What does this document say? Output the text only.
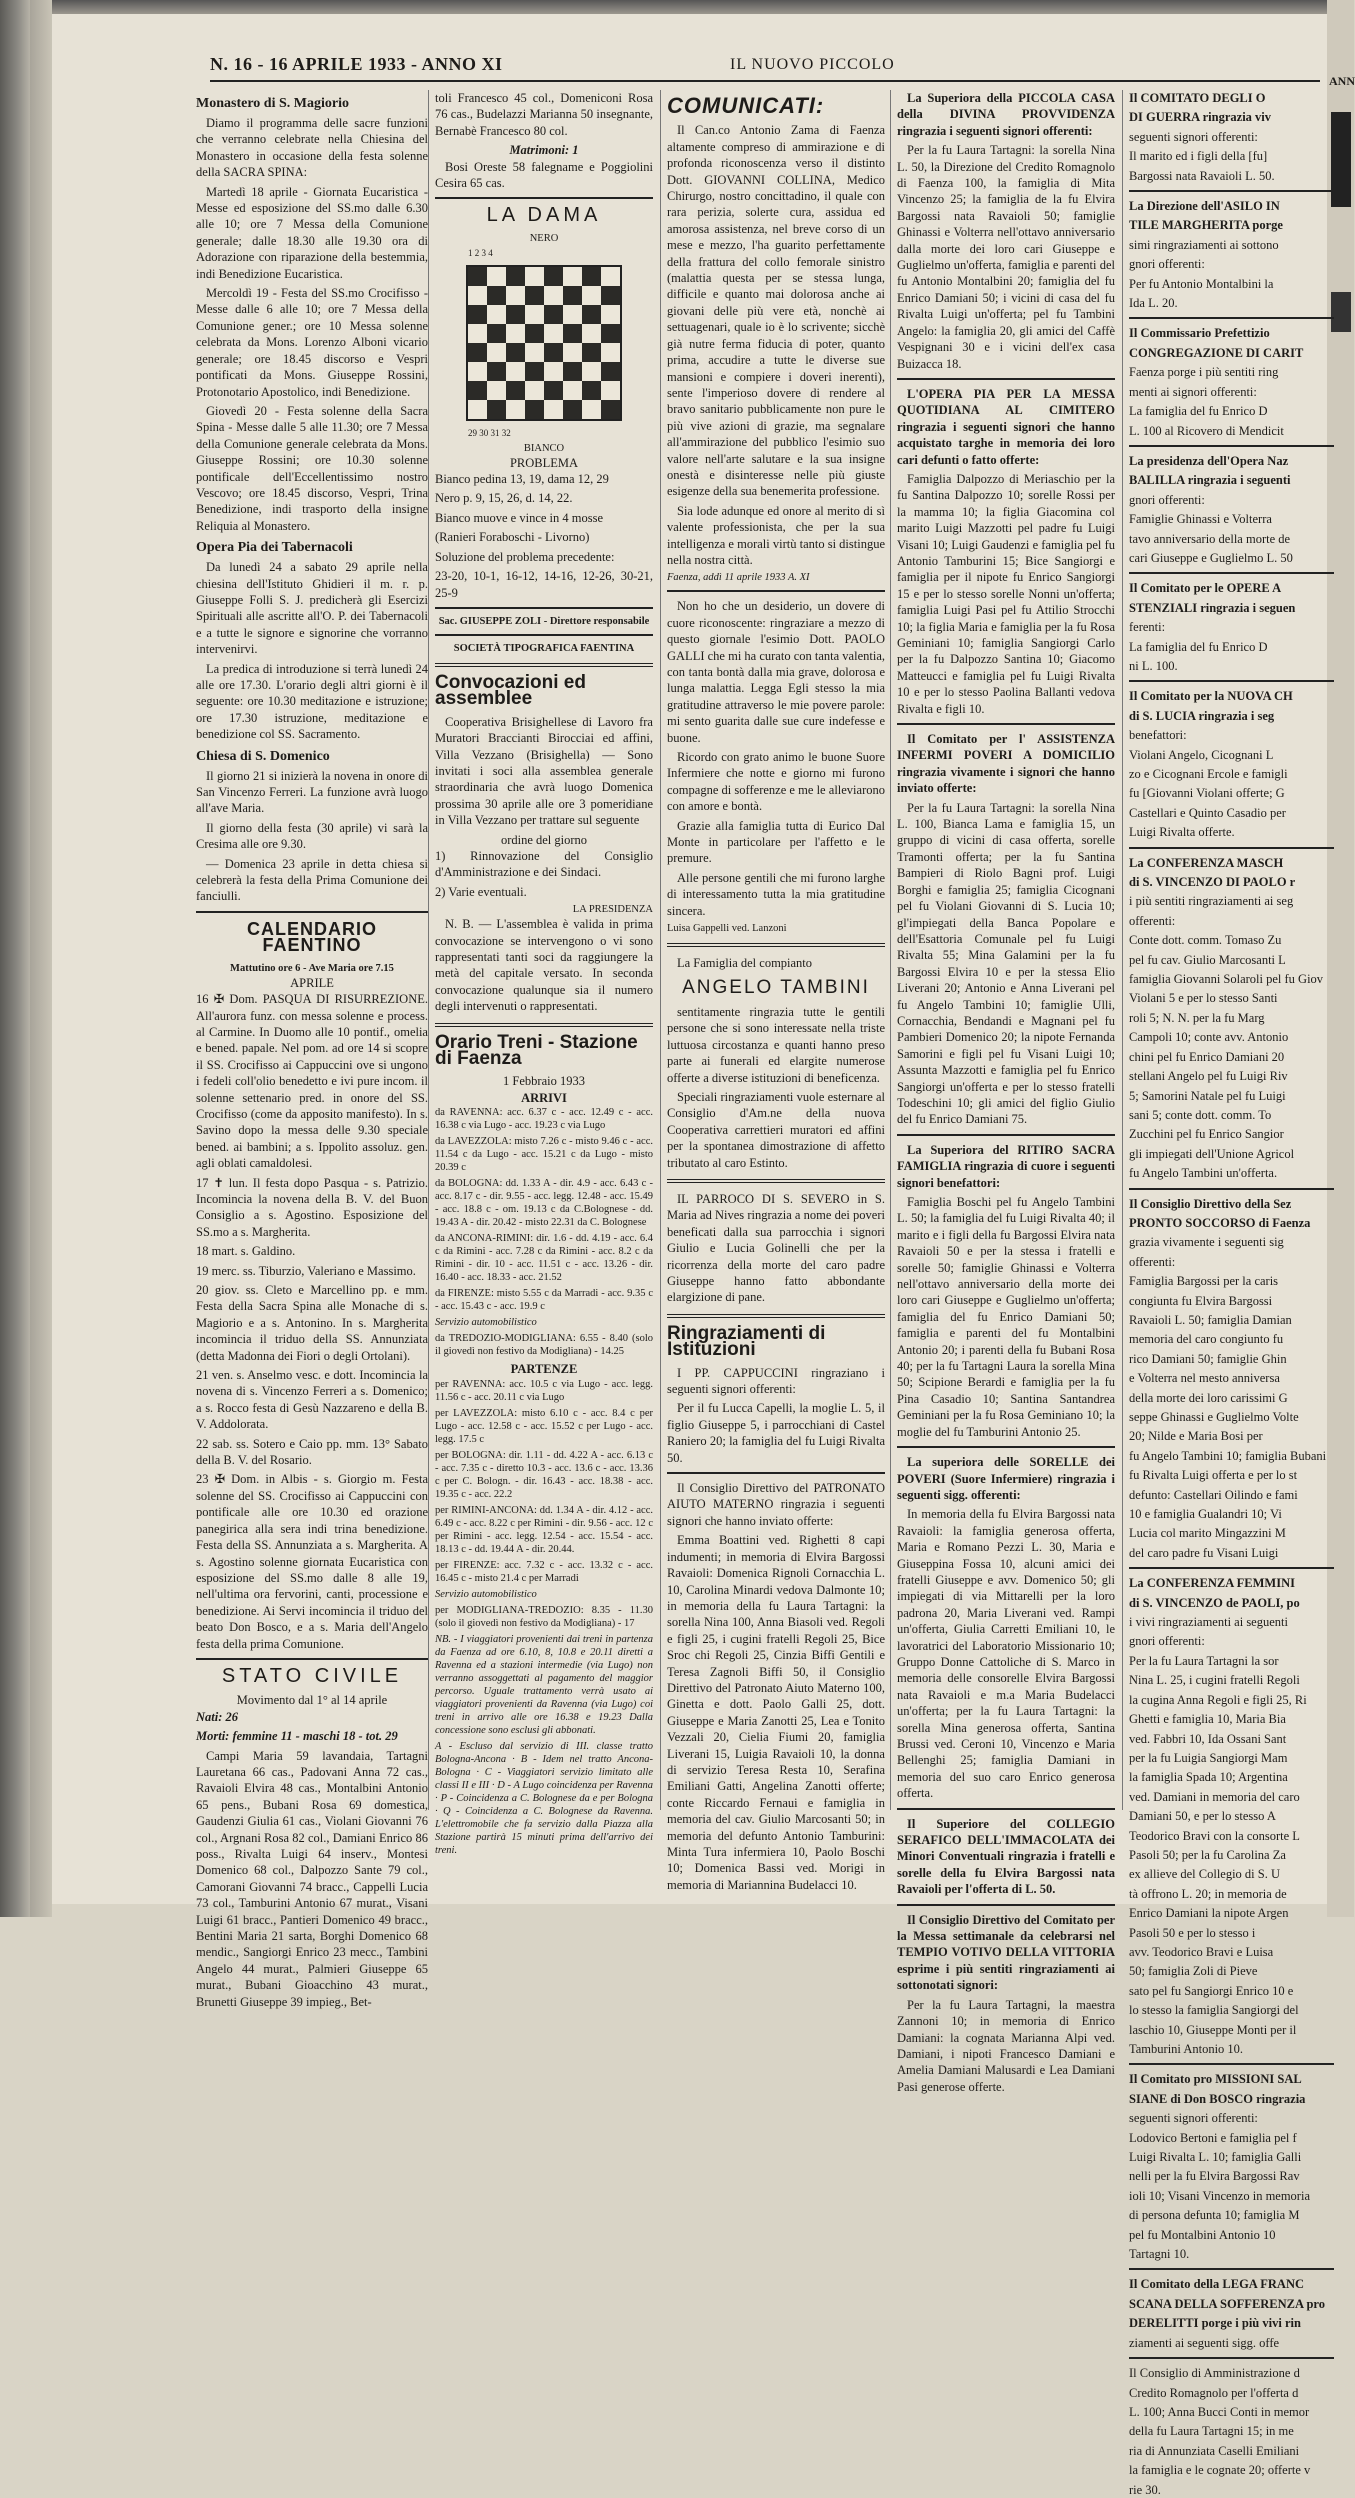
ANN
N. 16 - 16 APRILE 1933 - ANNO XI	IL NUOVO PICCOLO
Monastero di S. Magiorio

Diamo il programma delle sacre funzioni che verranno celebrate nella Chiesina del Monastero in occasione della festa solenne della SACRA SPINA:

Martedì 18 aprile - Giornata Eucaristica - Messe ed esposizione del SS.mo dalle 6.30 alle 10; ore 7 Messa della Comunione generale; dalle 18.30 alle 19.30 ora di Adorazione con riparazione della bestemmia, indi Benedizione Eucaristica.

Mercoldì 19 - Festa del SS.mo Crocifisso - Messe dalle 6 alle 10; ore 7 Messa della Comunione gener.; ore 10 Messa solenne celebrata da Mons. Lorenzo Alboni vicario generale; ore 18.45 discorso e Vespri pontificati da Mons. Giuseppe Rossini, Protonotario Apostolico, indi Benedizione.

Giovedì 20 - Festa solenne della Sacra Spina - Messe dalle 5 alle 11.30; ore 7 Messa della Comunione generale celebrata da Mons. Giuseppe Rossini; ore 10.30 solenne pontificale dell'Eccellentissimo nostro Vescovo; ore 18.45 discorso, Vespri, Trina Benedizione, indi trasporto della insigne Reliquia al Monastero.

Opera Pia dei Tabernacoli

Da lunedì 24 a sabato 29 aprile nella chiesina dell'Istituto Ghidieri il m. r. p. Giuseppe Folli S. J. predicherà gli Esercizi Spirituali alle ascritte all'O. P. dei Tabernacoli e a tutte le signore e signorine che vorranno intervenirvi.

La predica di introduzione si terrà lunedì 24 alle ore 17.30. L'orario degli altri giorni è il seguente: ore 10.30 meditazione e istruzione; ore 17.30 istruzione, meditazione e benedizione col SS. Sacramento.

Chiesa di S. Domenico

Il giorno 21 si inizierà la novena in onore di San Vincenzo Ferreri. La funzione avrà luogo all'ave Maria.

Il giorno della festa (30 aprile) vi sarà la Cresima alle ore 9.30.

— Domenica 23 aprile in detta chiesa si celebrerà la festa della Prima Comunione dei fanciulli.

CALENDARIO FAENTINO
Mattutino ore 6 - Ave Maria ore 7.15
APRILE

16 ✠ Dom. PASQUA DI RISURREZIONE. All'aurora funz. con messa solenne e process. al Carmine. In Duomo alle 10 pontif., omelia e bened. papale. Nel pom. ad ore 14 si scopre il SS. Crocifisso ai Cappuccini ove si ungono i fedeli coll'olio benedetto e ivi pure incom. il solenne settenario pred. in onore del SS. Crocifisso (come da apposito manifesto). In s. Savino dopo la messa delle 9.30 speciale bened. ai bambini; a s. Ippolito assoluz. gen. agli oblati camaldolesi.

17 ✝ lun. Il festa dopo Pasqua - s. Patrizio. Incomincia la novena della B. V. del Buon Consiglio a s. Agostino. Esposizione del SS.mo a s. Margherita.

18 mart. s. Galdino.

19 merc. ss. Tiburzio, Valeriano e Massimo.

20 giov. ss. Cleto e Marcellino pp. e mm. Festa della Sacra Spina alle Monache di s. Magiorio e a s. Antonino. In s. Margherita incomincia il triduo della SS. Annunziata (detta Madonna dei Fiori o degli Ortolani).

21 ven. s. Anselmo vesc. e dott. Incomincia la novena di s. Vincenzo Ferreri a s. Domenico; a s. Rocco festa di Gesù Nazzareno e della B. V. Addolorata.

22 sab. ss. Sotero e Caio pp. mm. 13° Sabato della B. V. del Rosario.

23 ✠ Dom. in Albis - s. Giorgio m. Festa solenne del SS. Crocifisso ai Cappuccini con pontificale alle ore 10.30 ed orazione panegirica alla sera indi trina benedizione. Festa della SS. Annunziata a s. Margherita. A s. Agostino solenne giornata Eucaristica con esposizione del SS.mo dalle 8 alle 19, nell'ultima ora fervorini, canti, processione e benedizione. Ai Servi incomincia il triduo del beato Don Bosco, e a s. Maria dell'Angelo festa della prima Comunione.

STATO CIVILE
Movimento dal 1° al 14 aprile

Nati: 26

Morti: femmine 11 - maschi 18 - tot. 29

Campi Maria 59 lavandaia, Tartagni Lauretana 66 cas., Padovani Anna 72 cas., Ravaioli Elvira 48 cas., Montalbini Antonio 65 pens., Bubani Rosa 69 domestica, Gaudenzi Giulia 61 cas., Violani Giovanni 76 col., Argnani Rosa 82 col., Damiani Enrico 86 poss., Rivalta Luigi 64 inserv., Montesi Domenico 68 col., Dalpozzo Sante 79 col., Camorani Giovanni 74 bracc., Cappelli Lucia 73 col., Tamburini Antonio 67 murat., Visani Luigi 61 bracc., Pantieri Domenico 49 bracc., Bentini Maria 21 sarta, Borghi Domenico 68 mendic., Sangiorgi Enrico 23 mecc., Tambini Angelo 44 murat., Palmieri Giuseppe 65 murat., Bubani Gioacchino 43 murat., Brunetti Giuseppe 39 impieg., Bet-

toli Francesco 45 col., Domeniconi Rosa 76 cas., Budelazzi Marianna 50 insegnante, Bernabè Francesco 80 col.

Matrimoni: 1

Bosi Oreste 58 falegname e Poggiolini Cesira 65 cas.

LA DAMA
NERO
1 2 3 4
29 30 31 32
BIANCO
PROBLEMA

Bianco pedina 13, 19, dama 12, 29

Nero p. 9, 15, 26, d. 14, 22.

Bianco muove e vince in 4 mosse

(Ranieri Foraboschi - Livorno)

Soluzione del problema precedente:

23-20, 10-1, 16-12, 14-16, 12-26, 30-21, 25-9

Sac. GIUSEPPE ZOLI - Direttore responsabile
SOCIETÀ TIPOGRAFICA FAENTINA
Convocazioni ed assemblee

Cooperativa Brisighellese di Lavoro fra Muratori Braccianti Birocciai ed affini, Villa Vezzano (Brisighella) — Sono invitati i soci alla assemblea generale straordinaria che avrà luogo Domenica prossima 30 aprile alle ore 3 pomeridiane in Villa Vezzano per trattare sul seguente

ordine del giorno

1) Rinnovazione del Consiglio d'Amministrazione e dei Sindaci.

2) Varie eventuali.

LA PRESIDENZA

N. B. — L'assemblea è valida in prima convocazione se intervengono o vi sono rappresentati tanti soci da raggiungere la metà del capitale versato. In seconda convocazione qualunque sia il numero degli intervenuti o rappresentati.

Orario Treni - Stazione di Faenza
1 Febbraio 1933
ARRIVI

da RAVENNA: acc. 6.37 c - acc. 12.49 c - acc. 16.38 c via Lugo - acc. 19.23 c via Lugo

da LAVEZZOLA: misto 7.26 c - misto 9.46 c - acc. 11.54 c da Lugo - acc. 15.21 c da Lugo - misto 20.39 c

da BOLOGNA: dd. 1.33 A - dir. 4.9 - acc. 6.43 c - acc. 8.17 c - dir. 9.55 - acc. legg. 12.48 - acc. 15.49 - acc. 18.8 c - om. 19.13 c da C.Bolognese - dd. 19.43 A - dir. 20.42 - misto 22.31 da C. Bolognese

da ANCONA-RIMINI: dir. 1.6 - dd. 4.19 - acc. 6.4 c da Rimini - acc. 7.28 c da Rimini - acc. 8.2 c da Rimini - dir. 10 - acc. 11.51 c - acc. 13.26 - dir. 16.40 - acc. 18.33 - acc. 21.52

da FIRENZE: misto 5.55 c da Marradi - acc. 9.35 c - acc. 15.43 c - acc. 19.9 c

Servizio automobilistico

da TREDOZIO-MODIGLIANA: 6.55 - 8.40 (solo il giovedì non festivo da Modigliana) - 14.25

PARTENZE

per RAVENNA: acc. 10.5 c via Lugo - acc. legg. 11.56 c - acc. 20.11 c via Lugo

per LAVEZZOLA: misto 6.10 c - acc. 8.4 c per Lugo - acc. 12.58 c - acc. 15.52 c per Lugo - acc. legg. 17.5 c

per BOLOGNA: dir. 1.11 - dd. 4.22 A - acc. 6.13 c - acc. 7.35 c - diretto 10.3 - acc. 13.6 c - acc. 13.36 c per C. Bologn. - dir. 16.43 - acc. 18.38 - acc. 19.35 c - acc. 22.2

per RIMINI-ANCONA: dd. 1.34 A - dir. 4.12 - acc. 6.49 c - acc. 8.22 c per Rimini - dir. 9.56 - acc. 12 c per Rimini - acc. legg. 12.54 - acc. 15.54 - acc. 18.13 c - dd. 19.44 A - dir. 20.44.

per FIRENZE: acc. 7.32 c - acc. 13.32 c - acc. 16.45 c - misto 21.4 c per Marradi

Servizio automobilistico

per MODIGLIANA-TREDOZIO: 8.35 - 11.30 (solo il giovedì non festivo da Modigliana) - 17

NB. - I viaggiatori provenienti dai treni in partenza da Faenza ad ore 6.10, 8, 10.8 e 20.11 diretti a Ravenna ed a stazioni intermedie (via Lugo) non verranno assoggettati al pagamento del maggior percorso. Uguale trattamento verrà usato ai viaggiatori provenienti da Ravenna (via Lugo) coi treni in arrivo alle ore 16.38 e 19.23 Dalla concessione sono esclusi gli abbonati.

A - Escluso dal servizio di III. classe tratto Bologna-Ancona · B - Idem nel tratto Ancona-Bologna · C - Viaggiatori servizio limitato alle classi II e III · D - A Lugo coincidenza per Ravenna · P - Coincidenza a C. Bolognese da e per Bologna · Q - Coincidenza a C. Bolognese da Ravenna. L'elettromobile che fa servizio dalla Piazza alla Stazione partirà 15 minuti prima dell'arrivo dei treni.

COMUNICATI:

Il Can.co Antonio Zama di Faenza altamente compreso di ammirazione e di profonda riconoscenza verso il distinto Dott. GIOVANNI COLLINA, Medico Chirurgo, nostro concittadino, il quale con rara perizia, solerte cura, assidua ed amorosa assistenza, nel breve corso di un mese e mezzo, l'ha guarito perfettamente della frattura del collo femorale sinistro (malattia questa per se stessa lunga, difficile e quanto mai dolorosa anche ai giovani delle più vere età, nonchè ai settuagenari, quale io è lo scrivente; sicchè già nutre ferma fiducia di poter, quanto prima, accudire a tutte le diverse sue mansioni e compiere i doveri inerenti), sente l'imperioso dovere di rendere al bravo sanitario pubblicamente non pure le più vive azioni di grazie, ma segnalare all'ammirazione del pubblico l'esimio suo valore nell'arte salutare e la sua insigne onestà e disinteresse nelle più giuste esigenze della sua benemerita professione.

Sia lode adunque ed onore al merito di sì valente professionista, che per la sua intelligenza e morali virtù tanto si distingue nella nostra città.

Faenza, addì 11 aprile 1933 A. XI

Non ho che un desiderio, un dovere di cuore riconoscente: ringraziare a mezzo di questo giornale l'esimio Dott. PAOLO GALLI che mi ha curato con tanta valentia, con tanta bontà dalla mia grave, dolorosa e lunga malattia. Legga Egli stesso la mia gratitudine attraverso le mie povere parole: mi sento guarita dalle sue cure indefesse e buone.

Ricordo con grato animo le buone Suore Infermiere che notte e giorno mi furono compagne di sofferenze e me le alleviarono con amore e bontà.

Grazie alla famiglia tutta di Eurico Dal Monte in particolare per l'affetto e le premure.

Alle persone gentili che mi furono larghe di interessamento tutta la mia gratitudine sincera.

Luisa Gappelli ved. Lanzoni

La Famiglia del compianto

ANGELO TAMBINI

sentitamente ringrazia tutte le gentili persone che si sono interessate nella triste luttuosa circostanza e quanti hanno preso parte ai funerali ed elargite numerose offerte a diverse istituzioni di beneficenza.

Speciali ringraziamenti vuole esternare al Consiglio d'Am.ne della nuova Cooperativa carrettieri muratori ed affini per la spontanea dimostrazione di affetto tributato al caro Estinto.

IL PARROCO DI S. SEVERO in S. Maria ad Nives ringrazia a nome dei poveri beneficati dalla sua parrocchia i signori Giulio e Lucia Golinelli che per la ricorrenza della morte del caro padre Giuseppe hanno fatto abbondante elargizione di pane.

Ringraziamenti di Istituzioni

I PP. CAPPUCCINI ringraziano i seguenti signori offerenti:

Per il fu Lucca Capelli, la moglie L. 5, il figlio Giuseppe 5, i parrocchiani di Castel Raniero 20; la famiglia del fu Luigi Rivalta 50.

Il Consiglio Direttivo del PATRONATO AIUTO MATERNO ringrazia i seguenti signori che hanno inviato offerte:

Emma Boattini ved. Righetti 8 capi indumenti; in memoria di Elvira Bargossi Ravaioli: Domenica Rignoli Cornacchia L. 10, Carolina Minardi vedova Dalmonte 10; in memoria della fu Laura Tartagni: la sorella Nina 100, Anna Biasoli ved. Regoli e figli 25, i cugini fratelli Regoli 25, Bice Sroc chi Regoli 25, Cinzia Biffi Gentili e Teresa Zagnoli Biffi 50, il Consiglio Direttivo del Patronato Aiuto Materno 100, Ginetta e dott. Paolo Galli 25, dott. Giuseppe e Maria Zanotti 25, Lea e Tonito Vezzali 20, Cielia Fiumi 20, famiglia Liverani 15, Luigia Ravaioli 10, la donna di servizio Teresa Resta 10, Serafina Emiliani Gatti, Angelina Zanotti offerte; conte Riccardo Fernaui e famiglia in memoria del cav. Giulio Marcosanti 50; in memoria del defunto Antonio Tamburini: Minta Tura infermiera 10, Paolo Boschi 10; Domenica Bassi ved. Morigi in memoria di Mariannina Budelacci 10.

La Superiora della PICCOLA CASA della DIVINA PROVVIDENZA ringrazia i seguenti signori offerenti:

Per la fu Laura Tartagni: la sorella Nina L. 50, la Direzione del Credito Romagnolo di Faenza 100, la famiglia di Mita Vincenzo 25; la famiglia de la fu Elvira Bargossi nata Ravaioli 50; famiglie Ghinassi e Volterra nell'ottavo anniversario dalla morte dei loro cari Giuseppe e Guglielmo un'offerta, famiglia e parenti del fu Antonio Montalbini 20; famiglia del fu Enrico Damiani 50; i vicini di casa del fu Rivalta Luigi un'offerta; pel fu Tambini Angelo: la famiglia 20, gli amici del Caffè Vespignani 30 e i vicini dell'ex casa Buizacca 18.

L'OPERA PIA PER LA MESSA QUOTIDIANA AL CIMITERO ringrazia i seguenti signori che hanno acquistato targhe in memoria dei loro cari defunti o fatto offerte:

Famiglia Dalpozzo di Meriaschio per la fu Santina Dalpozzo 10; sorelle Rossi per la mamma 10; la figlia Giacomina col marito Luigi Mazzotti pel padre fu Luigi Visani 10; Luigi Gaudenzi e famiglia pel fu Antonio Tamburini 15; Bice Sangiorgi e famiglia per il nipote fu Enrico Sangiorgi 15 e per lo stesso sorelle Nonni un'offerta; famiglia Luigi Pasi pel fu Attilio Strocchi 10; la figlia Maria e famiglia per la fu Rosa Geminiani 10; famiglia Sangiorgi Carlo per la fu Dalpozzo Santina 10; Giacomo Matteucci e famiglia pel fu Luigi Rivalta 10 e per lo stesso Paolina Ballanti vedova Rivalta e figli 10.

Il Comitato per l' ASSISTENZA INFERMI POVERI A DOMICILIO ringrazia vivamente i signori che hanno inviato offerte:

Per la fu Laura Tartagni: la sorella Nina L. 100, Bianca Lama e famiglia 15, un gruppo di vicini di casa offerta, sorelle Tramonti offerta; per la fu Santina Bampieri di Riolo Bagni prof. Luigi Borghi e famiglia 25; famiglia Cicognani pel fu Violani Giovanni di S. Lucia 10; gl'impiegati della Banca Popolare e dell'Esattoria Comunale pel fu Luigi Rivalta 55; Mina Galamini per la fu Bargossi Elvira 10 e per la stessa Elio Liverani 20; Antonio e Anna Liverani pel fu Angelo Tambini 10; famiglie Ulli, Cornacchia, Bendandi e Magnani pel fu Pambieri Domenico 20; la nipote Fernanda Samorini e figli pel fu Visani Luigi 10; Assunta Mazzotti e famiglia pel fu Enrico Sangiorgi un'offerta e per lo stesso fratelli Todeschini 10; gli amici del figlio Giulio del fu Enrico Damiani 75.

La Superiora del RITIRO SACRA FAMIGLIA ringrazia di cuore i seguenti signori benefattori:

Famiglia Boschi pel fu Angelo Tambini L. 50; la famiglia del fu Luigi Rivalta 40; il marito e i figli della fu Bargossi Elvira nata Ravaioli 50 e per la stessa i fratelli e sorelle 50; famiglie Ghinassi e Volterra nell'ottavo anniversario della morte dei loro cari Giuseppe e Guglielmo un'offerta; famiglia del fu Enrico Damiani 50; famiglia e parenti del fu Montalbini Antonio 20; i parenti della fu Bubani Rosa 40; per la fu Tartagni Laura la sorella Mina 50; Scipione Berardi e famiglia per la fu Pina Casadio 10; Santina Santandrea Geminiani per la fu Rosa Geminiano 10; la moglie del fu Tamburini Antonio 25.

La superiora delle SORELLE dei POVERI (Suore Infermiere) ringrazia i seguenti sigg. offerenti:

In memoria della fu Elvira Bargossi nata Ravaioli: la famiglia generosa offerta, Maria e Romano Pezzi L. 30, Maria e Giuseppina Fossa 10, alcuni amici dei fratelli Giuseppe e avv. Domenico 50; gli impiegati di via Mittarelli per la loro padrona 20, Maria Liverani ved. Rampi un'offerta, Giulia Carretti Emiliani 10, le lavoratrici del Laboratorio Missionario 10; Gruppo Donne Cattoliche di S. Marco in memoria delle consorelle Elvira Bargossi nata Ravaioli e m.a Maria Budelacci un'offerta; per la fu Laura Tartagni: la sorella Mina generosa offerta, Santina Brussi ved. Ceroni 10, Vincenzo e Maria Bellenghi 25; famiglia Damiani in memoria del suo caro Enrico generosa offerta.

Il Superiore del COLLEGIO SERAFICO DELL'IMMACOLATA dei Minori Conventuali ringrazia i fratelli e sorelle della fu Elvira Bargossi nata Ravaioli per l'offerta di L. 50.

Il Consiglio Direttivo del Comitato per la Messa settimanale da celebrarsi nel TEMPIO VOTIVO DELLA VITTORIA esprime i più sentiti ringraziamenti ai sottonotati signori:

Per la fu Laura Tartagni, la maestra Zannoni 10; in memoria di Enrico Damiani: la cognata Marianna Alpi ved. Damiani, i nipoti Francesco Damiani e Amelia Damiani Malusardi e Lea Damiani Pasi generose offerte.

Il COMITATO DEGLI O

DI GUERRA ringrazia viv

seguenti signori offerenti:

Il marito ed i figli della [fu]

Bargossi nata Ravaioli L. 50.

La Direzione dell'ASILO IN

TILE MARGHERITA porge

simi ringraziamenti ai sottono

gnori offerenti:

Per fu Antonio Montalbini la

Ida L. 20.

Il Commissario Prefettizio

CONGREGAZIONE DI CARIT

Faenza porge i più sentiti ring

menti ai signori offerenti:

La famiglia del fu Enrico D

L. 100 al Ricovero di Mendicit

La presidenza dell'Opera Naz

BALILLA ringrazia i seguenti

gnori offerenti:

Famiglie Ghinassi e Volterra

tavo anniversario della morte de

cari Giuseppe e Guglielmo L. 50

Il Comitato per le OPERE A

STENZIALI ringrazia i seguen

ferenti:

La famiglia del fu Enrico D

ni L. 100.

Il Comitato per la NUOVA CH

di S. LUCIA ringrazia i seg

benefattori:

Violani Angelo, Cicognani L

zo e Cicognani Ercole e famigli

fu [Giovanni Violani offerte; G

Castellari e Quinto Casadio per

Luigi Rivalta offerte.

La CONFERENZA MASCH

di S. VINCENZO DI PAOLO r

i più sentiti ringraziamenti ai seg

offerenti:

Conte dott. comm. Tomaso Zu

pel fu cav. Giulio Marcosanti L

famiglia Giovanni Solaroli pel fu Giov

Violani 5 e per lo stesso Santi

roli 5; N. N. per la fu Marg

Campoli 10; conte avv. Antonio

chini pel fu Enrico Damiani 20

stellani Angelo pel fu Luigi Riv

5; Samorini Natale pel fu Luigi

sani 5; conte dott. comm. To

Zucchini pel fu Enrico Sangior

gli impiegati dell'Unione Agricol

fu Angelo Tambini un'offerta.

Il Consiglio Direttivo della Sez

PRONTO SOCCORSO di Faenza

grazia vivamente i seguenti sig

offerenti:

Famiglia Bargossi per la caris

congiunta fu Elvira Bargossi

Ravaioli L. 50; famiglia Damian

memoria del caro congiunto fu

rico Damiani 50; famiglie Ghin

e Volterra nel mesto anniversa

della morte dei loro carissimi G

seppe Ghinassi e Guglielmo Volte

20; Nilde e Maria Bosi per

fu Angelo Tambini 10; famiglia Bubani

fu Rivalta Luigi offerta e per lo st

defunto: Castellari Oilindo e fami

10 e famiglia Gualandri 10; Vi

Lucia col marito Mingazzini M

del caro padre fu Visani Luigi

La CONFERENZA FEMMINI

di S. VINCENZO de PAOLI, po

i vivi ringraziamenti ai seguenti

gnori offerenti:

Per la fu Laura Tartagni la sor

Nina L. 25, i cugini fratelli Regoli

la cugina Anna Regoli e figli 25, Ri

Ghetti e famiglia 10, Maria Bia

ved. Fabbri 10, Ida Ossani Sant

per la fu Luigia Sangiorgi Mam

la famiglia Spada 10; Argentina

ved. Damiani in memoria del caro

Damiani 50, e per lo stesso A

Teodorico Bravi con la consorte L

Pasoli 50; per la fu Carolina Za

ex allieve del Collegio di S. U

tà offrono L. 20; in memoria de

Enrico Damiani la nipote Argen

Pasoli 50 e per lo stesso i

avv. Teodorico Bravi e Luisa

50; famiglia Zoli di Pieve

sato pel fu Sangiorgi Enrico 10 e

lo stesso la famiglia Sangiorgi del

laschio 10, Giuseppe Monti per il

Tamburini Antonio 10.

Il Comitato pro MISSIONI SAL

SIANE di Don BOSCO ringrazia

seguenti signori offerenti:

Lodovico Bertoni e famiglia pel f

Luigi Rivalta L. 10; famiglia Galli

nelli per la fu Elvira Bargossi Rav

ioli 10; Visani Vincenzo in memoria

di persona defunta 10; famiglia M

pel fu Montalbini Antonio 10

Tartagni 10.

Il Comitato della LEGA FRANC

SCANA DELLA SOFFERENZA pro

DERELITTI porge i più vivi rin

ziamenti ai seguenti sigg. offe

Il Consiglio di Amministrazione d

Credito Romagnolo per l'offerta d

L. 100; Anna Bucci Conti in memor

della fu Laura Tartagni 15; in me

ria di Annunziata Caselli Emiliani

la famiglia e le cognate 20; offerte v

rie 30.
